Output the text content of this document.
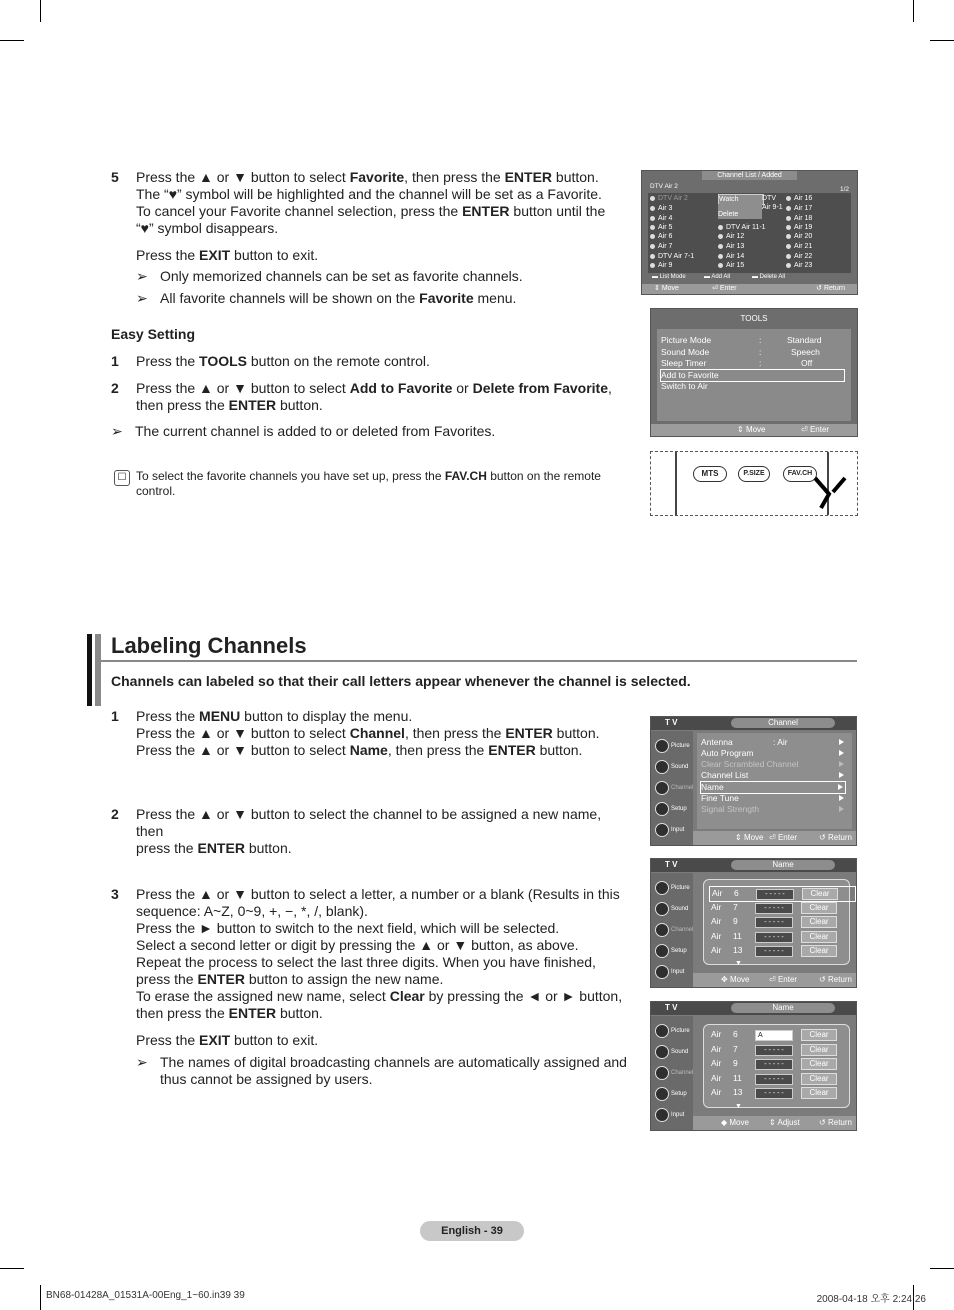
5 Press the ▲ or ▼ button to select Favorite, then press the ENTER button.
The “♥” symbol will be highlighted and the channel will be set as a Favorite.
To cancel your Favorite channel selection, press the ENTER button until the
“♥” symbol disappears.
Press the EXIT button to exit.
➢ Only memorized channels can be set as favorite channels.
➢ All favorite channels will be shown on the Favorite menu.
Easy Setting
1 Press the TOOLS button on the remote control.
2 Press the ▲ or ▼ button to select Add to Favorite or Delete from Favorite,
then press the ENTER button.
➢ The current channel is added to or deleted from Favorites.
☐ To select the favorite channels you have set up, press the FAV.CH button on the remote
control.
Channel List / Added
DTV Air 2	1/2
DTV Air 2
Air 3
Air 4
Air 5
Air 6
Air 7
DTV Air 7-1
Air 9
Watch
Delete
DTV Air 9-1
DTV Air 11-1
Air 12
Air 13
Air 14
Air 15
Air 16
Air 17
Air 18
Air 19
Air 20
Air 21
Air 22
Air 23
▬ List Mode	▬ Add All	▬ Delete All
⇕ Move	⏎ Enter	↺ Return
TOOLS
Picture Mode	:	Standard
Sound Mode	:	Speech
Sleep Timer	:	Off
Add to Favorite
Switch to Air
⇕ Move	⏎ Enter
MTS	P.SIZE	FAV.CH
Labeling Channels
Channels can labeled so that their call letters appear whenever the channel is selected.
1 Press the MENU button to display the menu.
Press the ▲ or ▼ button to select Channel, then press the ENTER button.
Press the ▲ or ▼ button to select Name, then press the ENTER button.
2 Press the ▲ or ▼ button to select the channel to be assigned a new name, then
press the ENTER button.
3 Press the ▲ or ▼ button to select a letter, a number or a blank (Results in this
sequence: A~Z, 0~9, +, −, *, /, blank).
Press the ► button to switch to the next field, which will be selected.
Select a second letter or digit by pressing the ▲ or ▼ button, as above.
Repeat the process to select the last three digits. When you have finished,
press the ENTER button to assign the new name.
To erase the assigned new name, select Clear by pressing the ◄ or ► button,
then press the ENTER button.
Press the EXIT button to exit.
➢ The names of digital broadcasting channels are automatically assigned and
thus cannot be assigned by users.
T V	Channel
Picture
Sound
Channel
Setup
Input
Antenna	: Air
Auto Program
Clear Scrambled Channel
Channel List
Name
Fine Tune
Signal Strength
⇕ Move ⏎ Enter	↺ Return
T V	Name
Picture
Sound
Channel
Setup
Input
Air 6	- - - - -	Clear
Air 7	- - - - -	Clear
Air 9	- - - - -	Clear
Air 11	- - - - -	Clear
Air 13	- - - - -	Clear
▼
✥ Move ⏎ Enter	↺ Return
T V	Name
Picture
Sound
Channel
Setup
Input
Air 6	A	Clear
Air 7	- - - - -	Clear
Air 9	- - - - -	Clear
Air 11	- - - - -	Clear
Air 13	- - - - -	Clear
▼
◆ Move	⇕ Adjust ↺ Return
English - 39
BN68-01428A_01531A-00Eng_1~60.in39 39	2008-04-18 오후 2:24:26
